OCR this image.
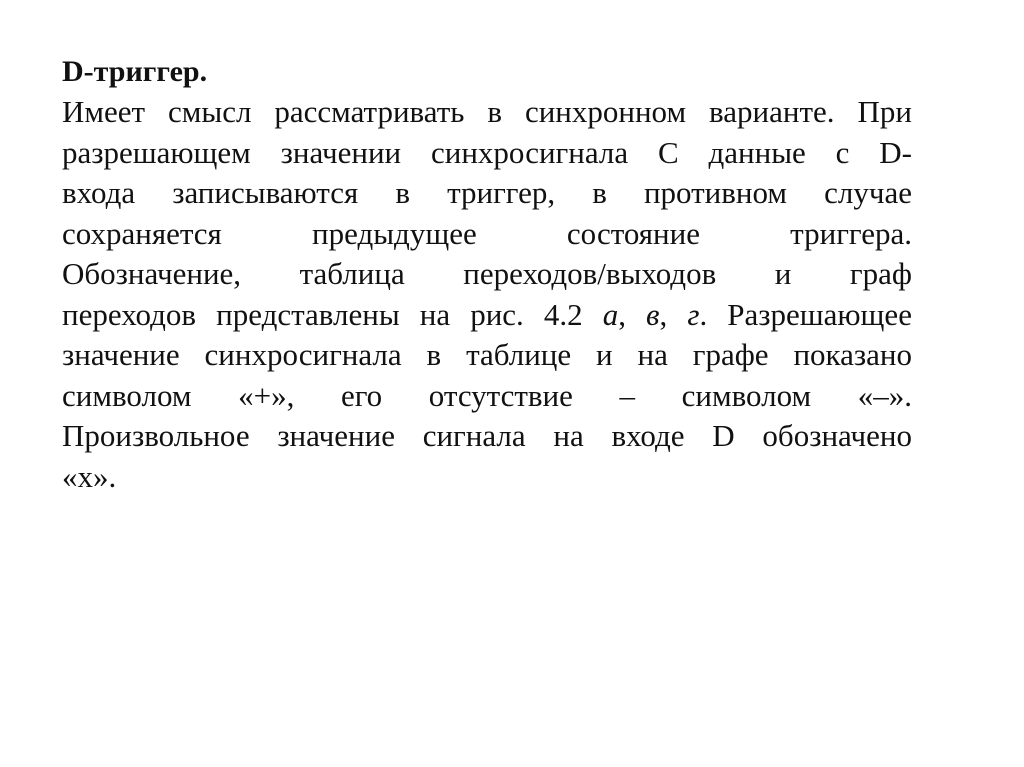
D-триггер.
Имеет смысл рассматривать в синхронном варианте. При
разрешающем значении синхросигнала С данные с D-
входа записываются в триггер, в противном случае
сохраняется	предыдущее	состояние	триггера.
Обозначение, таблица переходов/выходов и граф
переходов представлены на рис. 4.2 а, в, г. Разрешающее
значение синхросигнала в таблице и на графе показано
символом «+», его отсутствие – символом «–».
Произвольное значение сигнала на входе D обозначено
«х».
